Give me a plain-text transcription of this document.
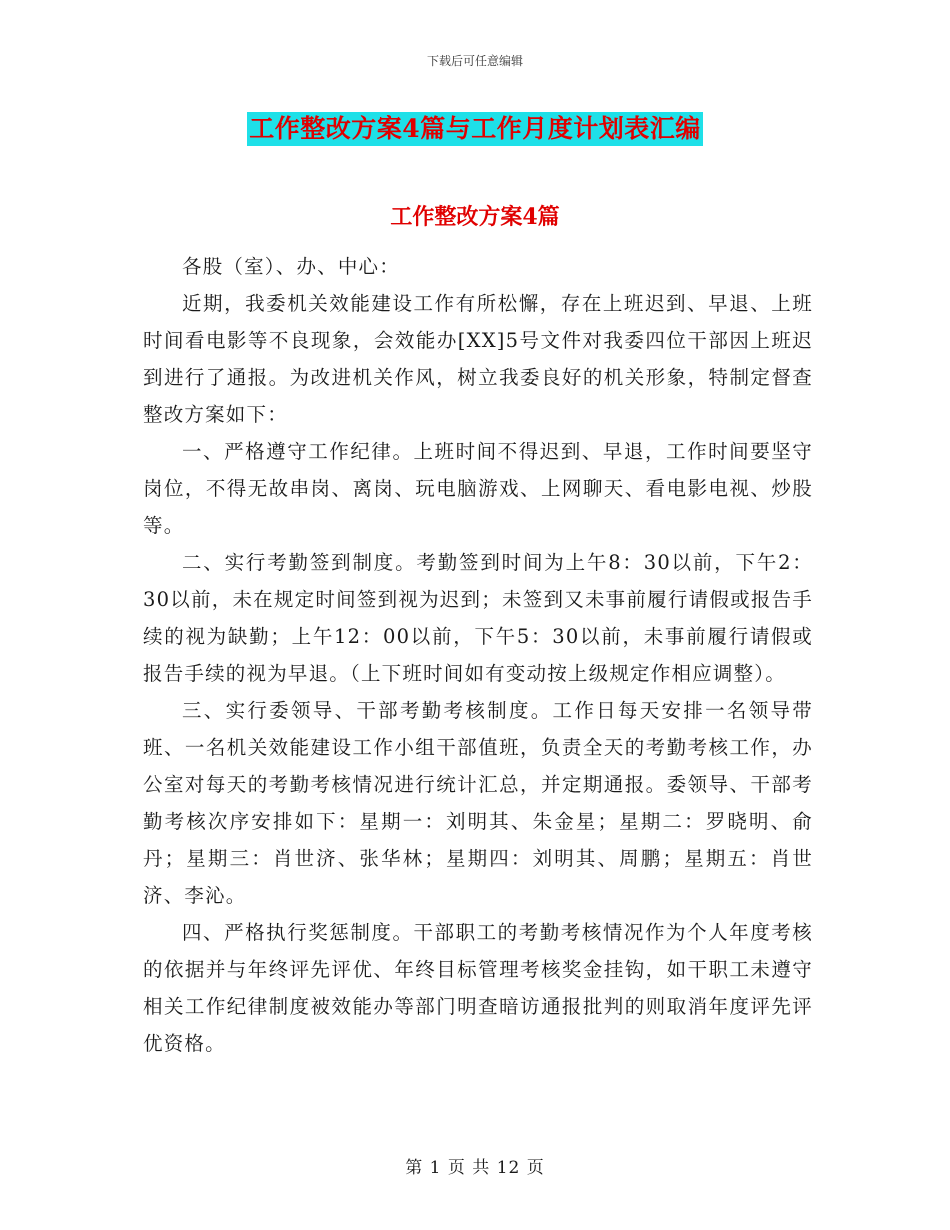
下载后可任意编辑
工作整改方案4篇与工作月度计划表汇编
工作整改方案4篇

各股（室）、办、中心：

近期，我委机关效能建设工作有所松懈，存在上班迟到、早退、上班时间看电影等不良现象，会效能办[XX]5号文件对我委四位干部因上班迟到进行了通报。为改进机关作风，树立我委良好的机关形象，特制定督查整改方案如下：

一、严格遵守工作纪律。上班时间不得迟到、早退，工作时间要坚守岗位，不得无故串岗、离岗、玩电脑游戏、上网聊天、看电影电视、炒股等。

二、实行考勤签到制度。考勤签到时间为上午8：30以前，下午2：30以前，未在规定时间签到视为迟到；未签到又未事前履行请假或报告手续的视为缺勤；上午12：00以前，下午5：30以前，未事前履行请假或报告手续的视为早退。（上下班时间如有变动按上级规定作相应调整）。

三、实行委领导、干部考勤考核制度。工作日每天安排一名领导带班、一名机关效能建设工作小组干部值班，负责全天的考勤考核工作，办公室对每天的考勤考核情况进行统计汇总，并定期通报。委领导、干部考勤考核次序安排如下：星期一：刘明其、朱金星；星期二：罗晓明、俞丹；星期三：肖世济、张华林；星期四：刘明其、周鹏；星期五：肖世济、李沁。

四、严格执行奖惩制度。干部职工的考勤考核情况作为个人年度考核的依据并与年终评先评优、年终目标管理考核奖金挂钩，如干职工未遵守相关工作纪律制度被效能办等部门明查暗访通报批判的则取消年度评先评优资格。

第 1 页 共 12 页
